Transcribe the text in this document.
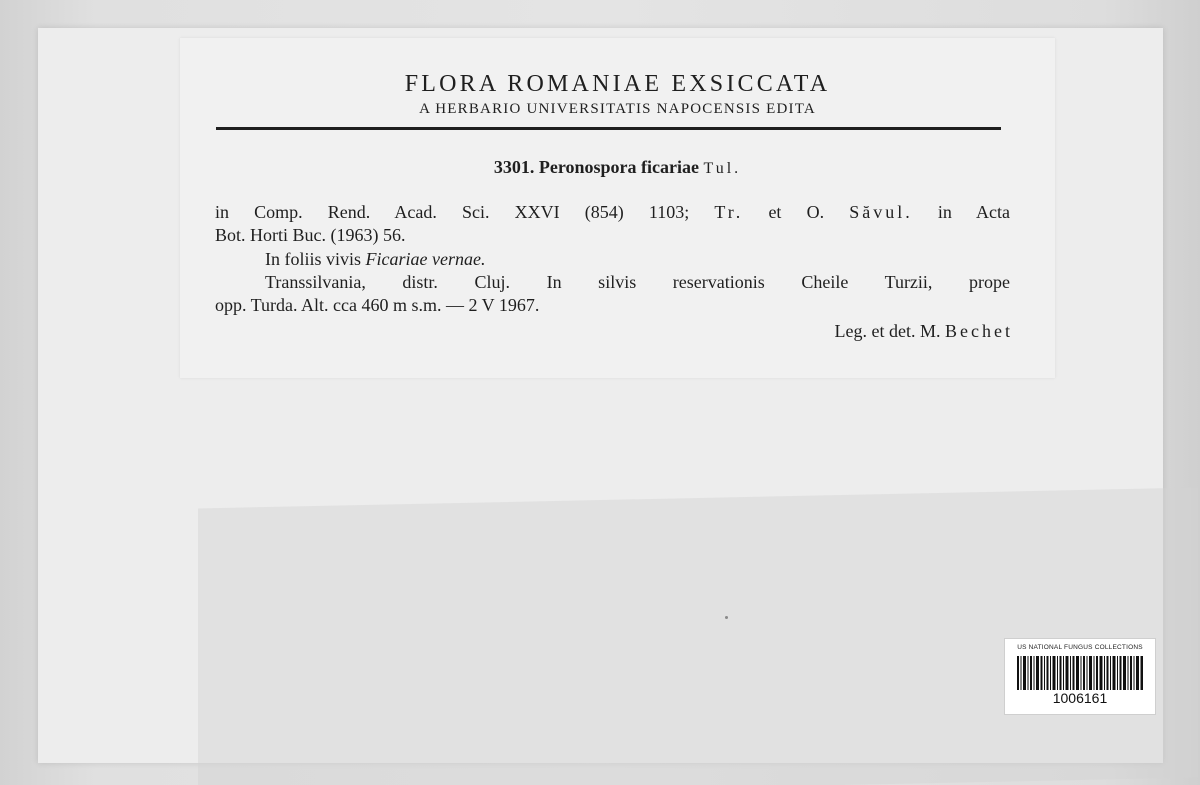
FLORA ROMANIAE EXSICCATA
A HERBARIO UNIVERSITATIS NAPOCENSIS EDITA
3301. Peronospora ficariae Tul.
in Comp. Rend. Acad. Sci. XXVI (854) 1103; Tr. et O. Săvul. in Acta
Bot. Horti Buc. (1963) 56.
In foliis vivis Ficariae vernae.
Transsilvania, distr. Cluj. In silvis reservationis Cheile Turzii, prope
opp. Turda. Alt. cca 460 m s.m. — 2 V 1967.
Leg. et det. M. Bechet
US NATIONAL FUNGUS COLLECTIONS
1006161
